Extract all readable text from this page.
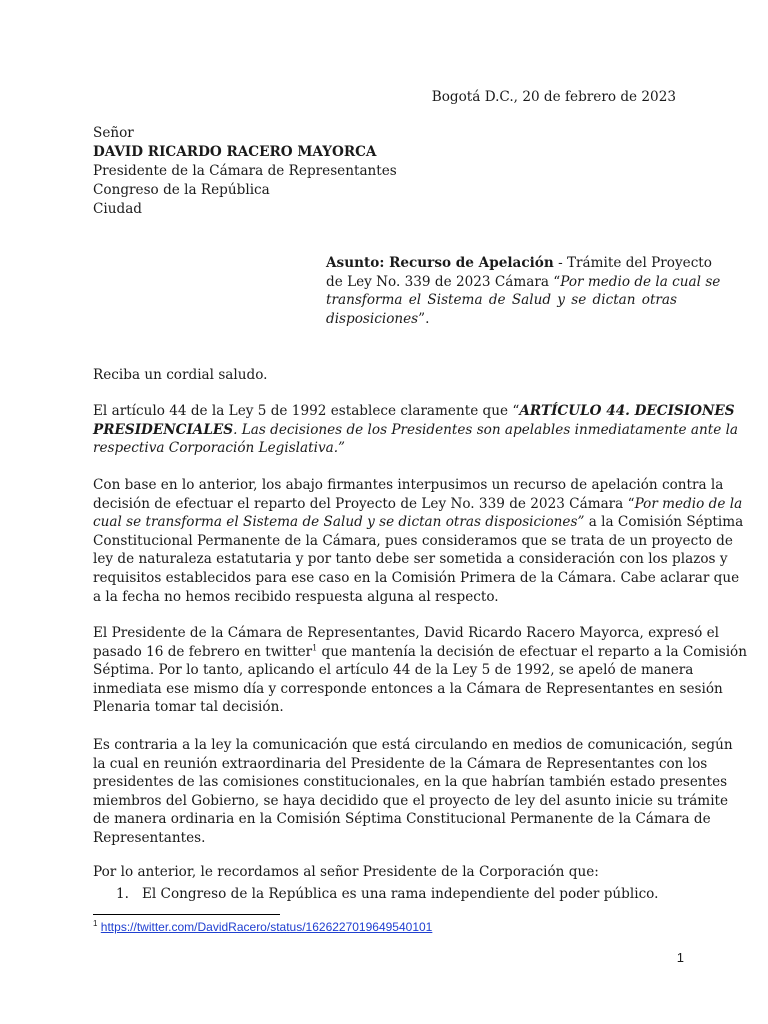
Bogotá D.C., 20 de febrero de 2023
Señor
DAVID RICARDO RACERO MAYORCA
Presidente de la Cámara de Representantes
Congreso de la República
Ciudad

Asunto: Recurso de Apelación - Trámite del Proyecto

de Ley No. 339 de 2023 Cámara “Por medio de la cual se

transforma el Sistema de Salud y se dictan otras

disposiciones”.

Reciba un cordial saludo.

El artículo 44 de la Ley 5 de 1992 establece claramente que “ARTÍCULO 44. DECISIONES

PRESIDENCIALES. Las decisiones de los Presidentes son apelables inmediatamente ante la

respectiva Corporación Legislativa.”

Con base en lo anterior, los abajo firmantes interpusimos un recurso de apelación contra la

decisión de efectuar el reparto del Proyecto de Ley No. 339 de 2023 Cámara “Por medio de la

cual se transforma el Sistema de Salud y se dictan otras disposiciones” a la Comisión Séptima

Constitucional Permanente de la Cámara, pues consideramos que se trata de un proyecto de

ley de naturaleza estatutaria y por tanto debe ser sometida a consideración con los plazos y

requisitos establecidos para ese caso en la Comisión Primera de la Cámara. Cabe aclarar que

a la fecha no hemos recibido respuesta alguna al respecto.

El Presidente de la Cámara de Representantes, David Ricardo Racero Mayorca, expresó el

pasado 16 de febrero en twitter$^1$ que mantenía la decisión de efectuar el reparto a la Comisión

Séptima. Por lo tanto, aplicando el artículo 44 de la Ley 5 de 1992, se apeló de manera

inmediata ese mismo día y corresponde entonces a la Cámara de Representantes en sesión

Plenaria tomar tal decisión.

Es contraria a la ley la comunicación que está circulando en medios de comunicación, según

la cual en reunión extraordinaria del Presidente de la Cámara de Representantes con los

presidentes de las comisiones constitucionales, en la que habrían también estado presentes

miembros del Gobierno, se haya decidido que el proyecto de ley del asunto inicie su trámite

de manera ordinaria en la Comisión Séptima Constitucional Permanente de la Cámara de

Representantes.

Por lo anterior, le recordamos al señor Presidente de la Corporación que:

1. El Congreso de la República es una rama independiente del poder público.
$^1$ https://twitter.com/DavidRacero/status/1626227019649540101
1
